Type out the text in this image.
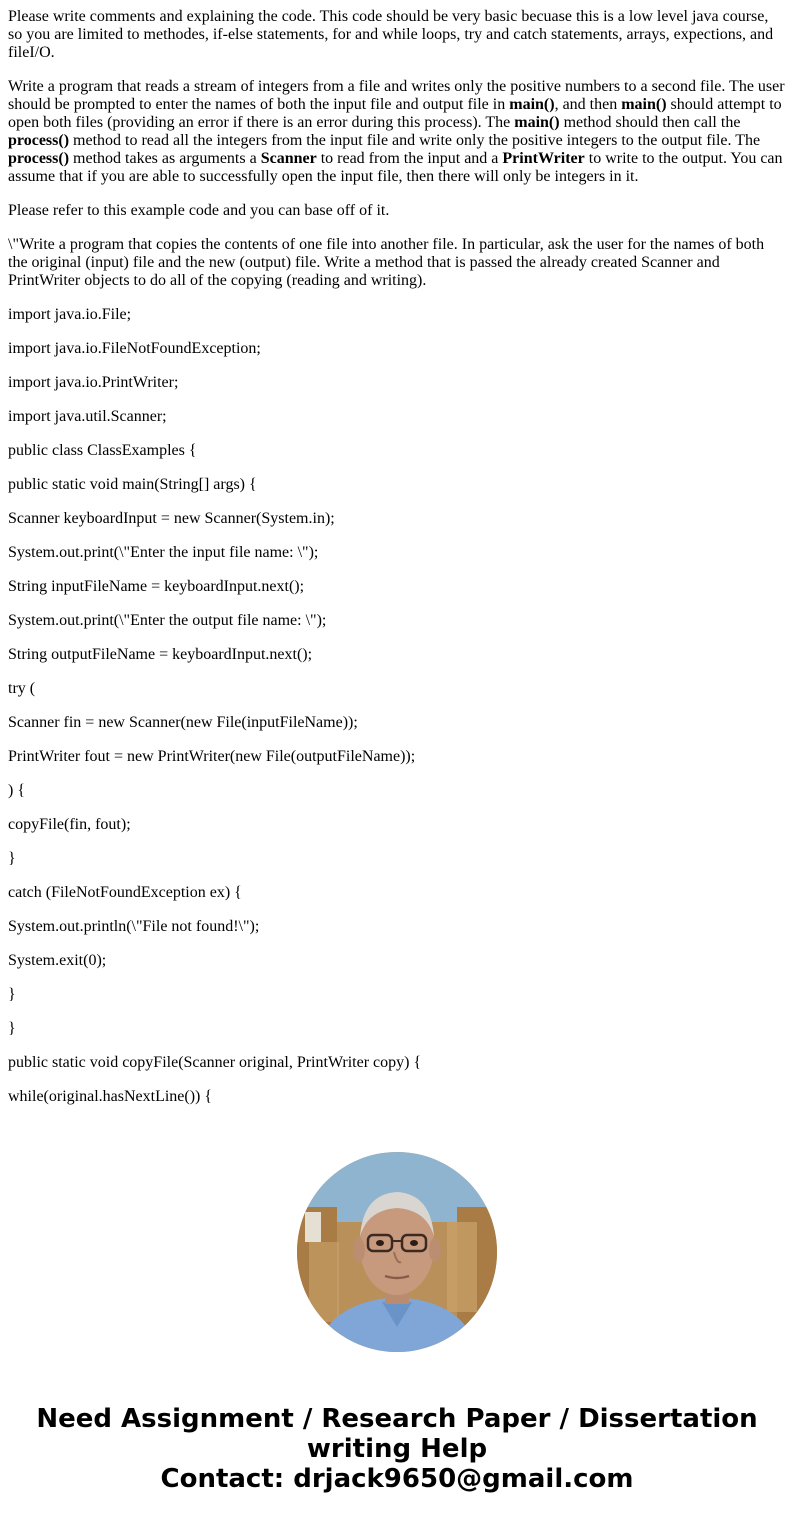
Please write comments and explaining the code. This code should be very basic becuase this is a low level java course, so you are limited to methodes, if-else statements, for and while loops, try and catch statements, arrays, expections, and fileI/O.

Write a program that reads a stream of integers from a file and writes only the positive numbers to a second file. The user should be prompted to enter the names of both the input file and output file in main(), and then main() should attempt to open both files (providing an error if there is an error during this process). The main() method should then call the process() method to read all the integers from the input file and write only the positive integers to the output file. The process() method takes as arguments a Scanner to read from the input and a PrintWriter to write to the output. You can assume that if you are able to successfully open the input file, then there will only be integers in it.

Please refer to this example code and you can base off of it.

\"Write a program that copies the contents of one file into another file. In particular, ask the user for the names of both the original (input) file and the new (output) file. Write a method that is passed the already created Scanner and PrintWriter objects to do all of the copying (reading and writing).

import java.io.File;
import java.io.FileNotFoundException;
import java.io.PrintWriter;
import java.util.Scanner;
public class ClassExamples {
public static void main(String[] args) {
Scanner keyboardInput = new Scanner(System.in);
System.out.print(\"Enter the input file name: \");
String inputFileName = keyboardInput.next();
System.out.print(\"Enter the output file name: \");
String outputFileName = keyboardInput.next();
try (
Scanner fin = new Scanner(new File(inputFileName));
PrintWriter fout = new PrintWriter(new File(outputFileName));
) {
copyFile(fin, fout);
}
catch (FileNotFoundException ex) {
System.out.println(\"File not found!\");
System.exit(0);
}
}
public static void copyFile(Scanner original, PrintWriter copy) {
while(original.hasNextLine()) {
Need Assignment / Research Paper / Dissertation
writing Help
Contact: drjack9650@gmail.com
